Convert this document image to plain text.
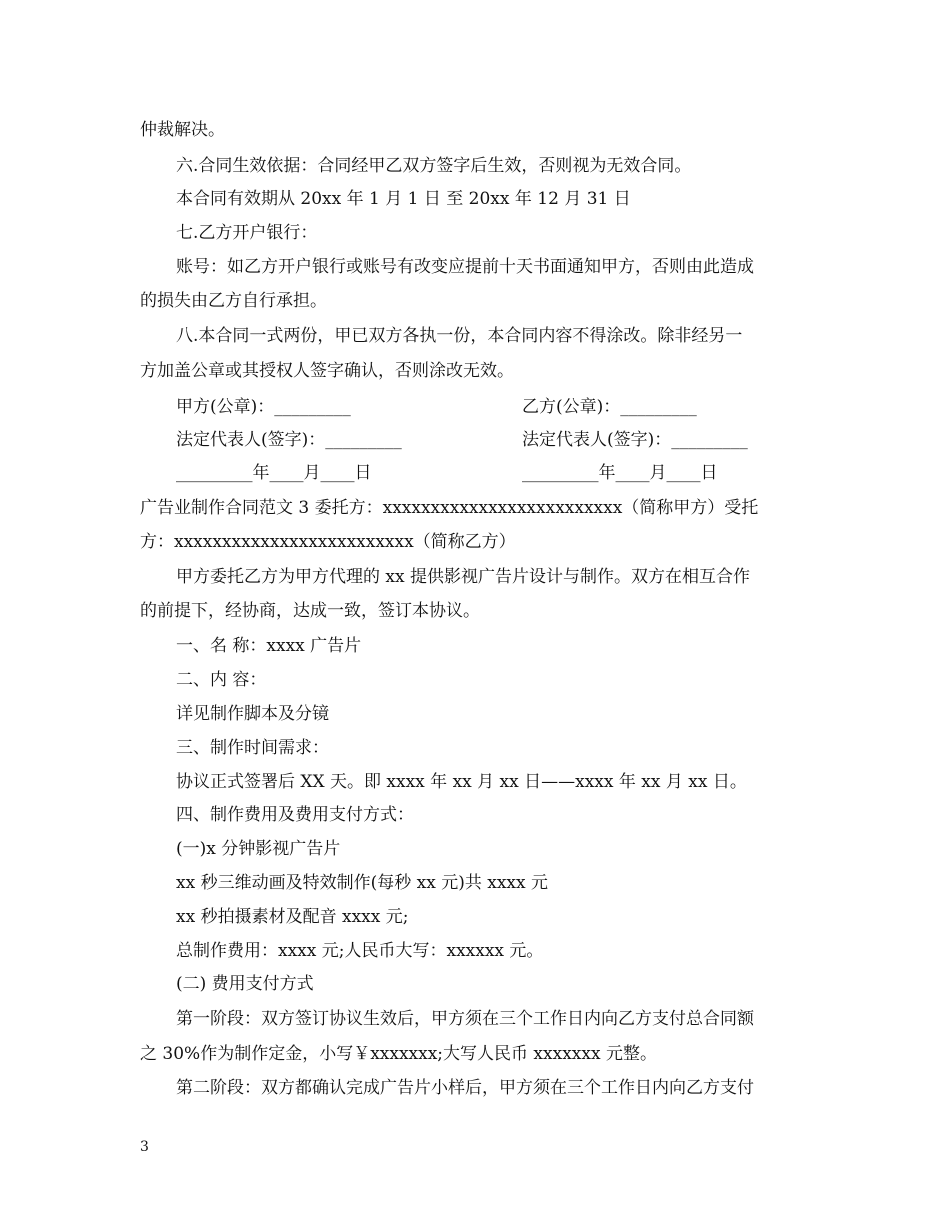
仲裁解决。
六.合同生效依据：合同经甲乙双方签字后生效，否则视为无效合同。
本合同有效期从 20xx 年 1 月 1 日 至 20xx 年 12 月 31 日
七.乙方开户银行：
账号：如乙方开户银行或账号有改变应提前十天书面通知甲方，否则由此造成
的损失由乙方自行承担。
八.本合同一式两份，甲已双方各执一份，本合同内容不得涂改。除非经另一
方加盖公章或其授权人签字确认，否则涂改无效。
甲方(公章)：_________	乙方(公章)：_________
法定代表人(签字)：_________	法定代表人(签字)：_________
_________年____月____日	_________年____月____日
广告业制作合同范文 3 委托方：xxxxxxxxxxxxxxxxxxxxxxxxx（简称甲方）受托
方：xxxxxxxxxxxxxxxxxxxxxxxxx（简称乙方）
甲方委托乙方为甲方代理的 xx 提供影视广告片设计与制作。双方在相互合作
的前提下，经协商，达成一致，签订本协议。
一、名 称：xxxx 广告片
二、内 容：
详见制作脚本及分镜
三、制作时间需求：
协议正式签署后 XX 天。即 xxxx 年 xx 月 xx 日——xxxx 年 xx 月 xx 日。
四、制作费用及费用支付方式：
(一)x 分钟影视广告片
xx 秒三维动画及特效制作(每秒 xx 元)共 xxxx 元
xx 秒拍摄素材及配音 xxxx 元;
总制作费用：xxxx 元;人民币大写：xxxxxx 元。
(二) 费用支付方式
第一阶段：双方签订协议生效后，甲方须在三个工作日内向乙方支付总合同额
之 30%作为制作定金，小写￥xxxxxxx;大写人民币 xxxxxxx 元整。
第二阶段：双方都确认完成广告片小样后，甲方须在三个工作日内向乙方支付
3
